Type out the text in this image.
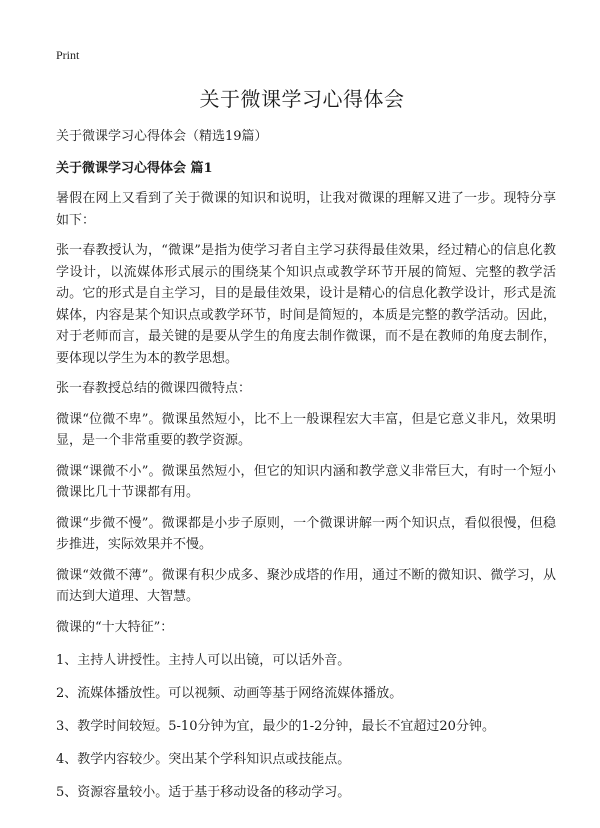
Print
关于微课学习心得体会
关于微课学习心得体会（精选19篇）
关于微课学习心得体会 篇1

暑假在网上又看到了关于微课的知识和说明，让我对微课的理解又进了一步。现特分享如下：

张一春教授认为，“微课”是指为使学习者自主学习获得最佳效果，经过精心的信息化教学设计，以流媒体形式展示的围绕某个知识点或教学环节开展的简短、完整的教学活动。它的形式是自主学习，目的是最佳效果，设计是精心的信息化教学设计，形式是流媒体，内容是某个知识点或教学环节，时间是简短的，本质是完整的教学活动。因此，对于老师而言，最关键的是要从学生的角度去制作微课，而不是在教师的角度去制作，要体现以学生为本的教学思想。

张一春教授总结的微课四微特点：

微课“位微不卑”。微课虽然短小，比不上一般课程宏大丰富，但是它意义非凡，效果明显，是一个非常重要的教学资源。

微课“课微不小”。微课虽然短小，但它的知识内涵和教学意义非常巨大，有时一个短小微课比几十节课都有用。

微课“步微不慢”。微课都是小步子原则，一个微课讲解一两个知识点，看似很慢，但稳步推进，实际效果并不慢。

微课“效微不薄”。微课有积少成多、聚沙成塔的作用，通过不断的微知识、微学习，从而达到大道理、大智慧。

微课的“十大特征”：

1、主持人讲授性。主持人可以出镜，可以话外音。

2、流媒体播放性。可以视频、动画等基于网络流媒体播放。

3、教学时间较短。5-10分钟为宜，最少的1-2分钟，最长不宜超过20分钟。

4、教学内容较少。突出某个学科知识点或技能点。

5、资源容量较小。适于基于移动设备的移动学习。
